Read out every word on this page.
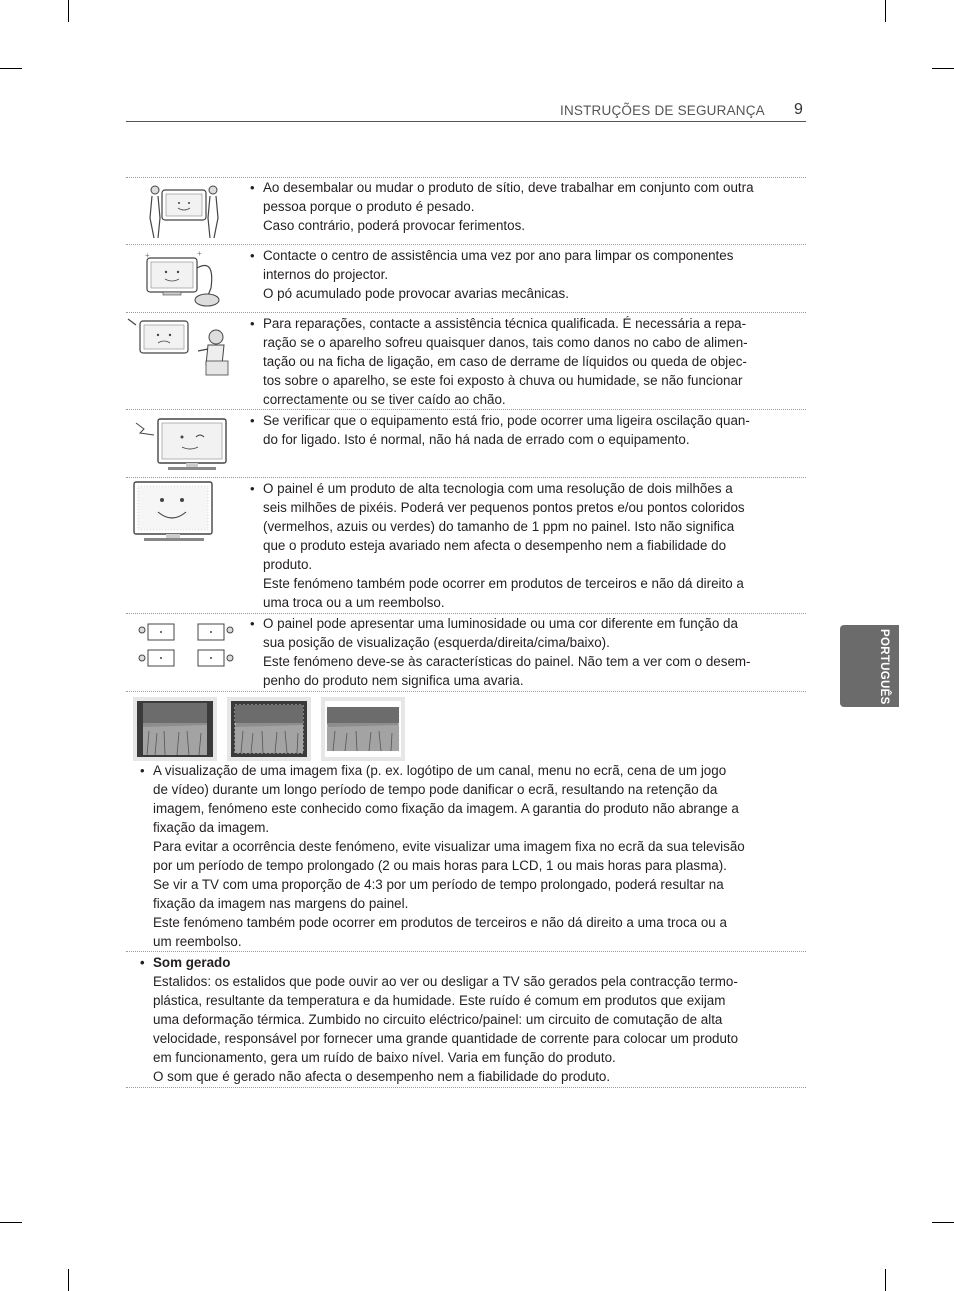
INSTRUÇÕES DE SEGURANÇA 9
PORTUGUÊS
• Ao desembalar ou mudar o produto de sítio, deve trabalhar em conjunto com outra

pessoa porque o produto é pesado.

Caso contrário, poderá provocar ferimentos.

+	+	• Contacte o centro de assistência uma vez por ano para limpar os componentes

internos do projector.

O pó acumulado pode provocar avarias mecânicas.

• Para reparações, contacte a assistência técnica qualificada. É necessária a repa-

ração se o aparelho sofreu quaisquer danos, tais como danos no cabo de alimen-

tação ou na ficha de ligação, em caso de derrame de líquidos ou queda de objec-

tos sobre o aparelho, se este foi exposto à chuva ou humidade, se não funcionar

correctamente ou se tiver caído ao chão.

• Se verificar que o equipamento está frio, pode ocorrer uma ligeira oscilação quan-

do for ligado. Isto é normal, não há nada de errado com o equipamento.

• O painel é um produto de alta tecnologia com uma resolução de dois milhões a

seis milhões de pixéis. Poderá ver pequenos pontos pretos e/ou pontos coloridos

(vermelhos, azuis ou verdes) do tamanho de 1 ppm no painel. Isto não significa

que o produto esteja avariado nem afecta o desempenho nem a fiabilidade do

produto.

Este fenómeno também pode ocorrer em produtos de terceiros e não dá direito a

uma troca ou a um reembolso.

• O painel pode apresentar uma luminosidade ou uma cor diferente em função da

sua posição de visualização (esquerda/direita/cima/baixo).

Este fenómeno deve-se às características do painel. Não tem a ver com o desem-

penho do produto nem significa uma avaria.

• A visualização de uma imagem fixa (p. ex. logótipo de um canal, menu no ecrã, cena de um jogo

de vídeo) durante um longo período de tempo pode danificar o ecrã, resultando na retenção da

imagem, fenómeno este conhecido como fixação da imagem. A garantia do produto não abrange a

fixação da imagem.

Para evitar a ocorrência deste fenómeno, evite visualizar uma imagem fixa no ecrã da sua televisão

por um período de tempo prolongado (2 ou mais horas para LCD, 1 ou mais horas para plasma).

Se vir a TV com uma proporção de 4:3 por um período de tempo prolongado, poderá resultar na

fixação da imagem nas margens do painel.

Este fenómeno também pode ocorrer em produtos de terceiros e não dá direito a uma troca ou a

um reembolso.

• Som gerado

Estalidos: os estalidos que pode ouvir ao ver ou desligar a TV são gerados pela contracção termo-

plástica, resultante da temperatura e da humidade. Este ruído é comum em produtos que exijam

uma deformação térmica. Zumbido no circuito eléctrico/painel: um circuito de comutação de alta

velocidade, responsável por fornecer uma grande quantidade de corrente para colocar um produto

em funcionamento, gera um ruído de baixo nível. Varia em função do produto.

O som que é gerado não afecta o desempenho nem a fiabilidade do produto.
